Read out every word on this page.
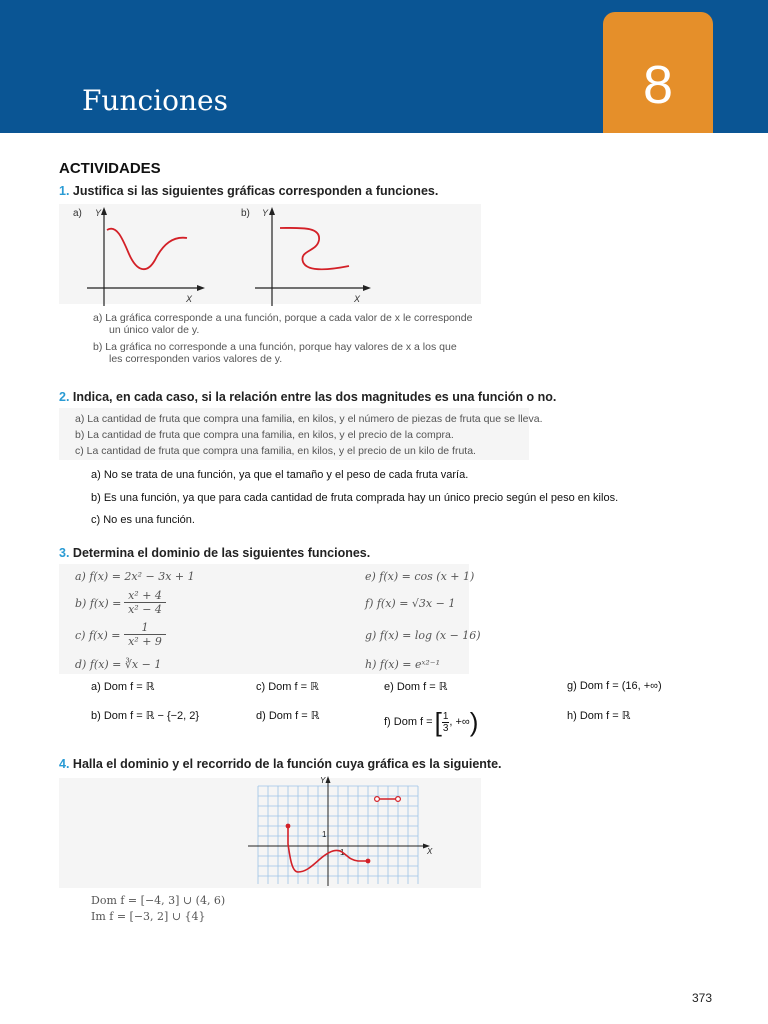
Funciones	8
ACTIVIDADES
1. Justifica si las siguientes gráficas corresponden a funciones.
a) Y
X
b) Y
X
a) La gráfica corresponde a una función, porque a cada valor de x le corresponde
un único valor de y.
b) La gráfica no corresponde a una función, porque hay valores de x a los que
les corresponden varios valores de y.
2. Indica, en cada caso, si la relación entre las dos magnitudes es una función o no.
a) La cantidad de fruta que compra una familia, en kilos, y el número de piezas de fruta que se lleva.
b) La cantidad de fruta que compra una familia, en kilos, y el precio de la compra.
c) La cantidad de fruta que compra una familia, en kilos, y el precio de un kilo de fruta.
a) No se trata de una función, ya que el tamaño y el peso de cada fruta varía.
b) Es una función, ya que para cada cantidad de fruta comprada hay un único precio según el peso en kilos.
c) No es una función.
3. Determina el dominio de las siguientes funciones.
a) f(x) = 2x² − 3x + 1
b) f(x) =
x² + 4
x² − 4
c) f(x) =
1
x² + 9
d) f(x) = ∛x − 1
e) f(x) = cos (x + 1)
f) f(x) = √3x − 1
g) f(x) = log (x − 16)
h) f(x) = eˣ²⁻¹
a) Dom f = ℝ	c) Dom f = ℝ	e) Dom f = ℝ	g) Dom f = (16, +∞)
b) Dom f = ℝ − {−2, 2}	d) Dom f = ℝ	f) Dom f = [ 1
3 , +∞ )	h) Dom f = ℝ
4. Halla el dominio y el recorrido de la función cuya gráfica es la siguiente.
Y
X
1
1
Dom f = [−4, 3] ∪ (4, 6)
Im f = [−3, 2] ∪ {4}
373
